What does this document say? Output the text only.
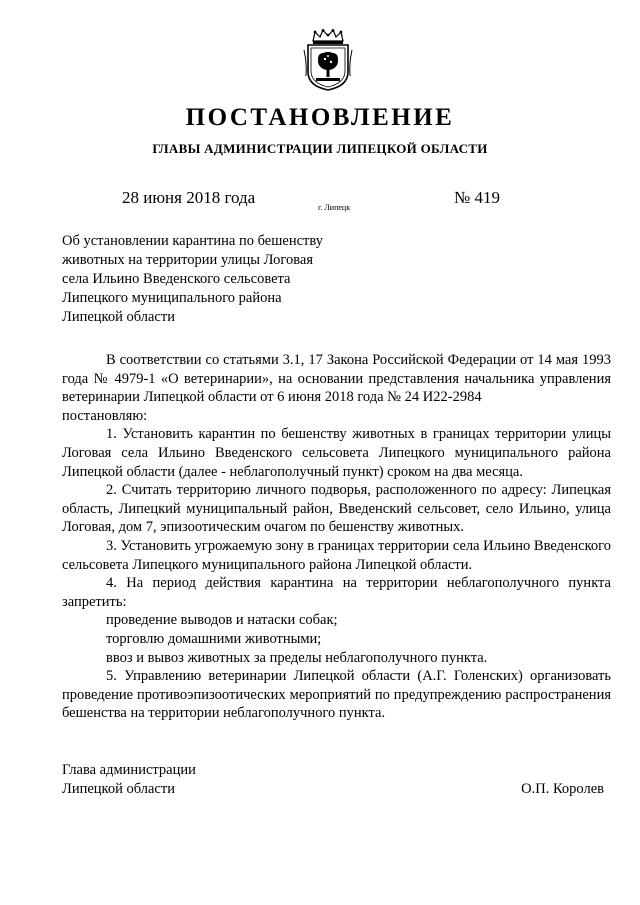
ПОСТАНОВЛЕНИЕ
ГЛАВЫ АДМИНИСТРАЦИИ ЛИПЕЦКОЙ ОБЛАСТИ
28 июня 2018 года
г. Липецк
№ 419
Об установлении карантина по бешенству
животных на территории улицы Логовая
села Ильино Введенского сельсовета
Липецкого муниципального района
Липецкой области

В соответствии со статьями 3.1, 17 Закона Российской Федерации от 14 мая 1993 года № 4979-1 «О ветеринарии», на основании представления начальника управления ветеринарии Липецкой области от 6 июня 2018 года № 24 И22-2984

постановляю:

1. Установить карантин по бешенству животных в границах территории улицы Логовая села Ильино Введенского сельсовета Липецкого муниципального района Липецкой области (далее - неблагополучный пункт) сроком на два месяца.

2. Считать территорию личного подворья, расположенного по адресу: Липецкая область, Липецкий муниципальный район, Введенский сельсовет, село Ильино, улица Логовая, дом 7, эпизоотическим очагом по бешенству животных.

3. Установить угрожаемую зону в границах территории села Ильино Введенского сельсовета Липецкого муниципального района Липецкой области.

4. На период действия карантина на территории неблагополучного пункта запретить:

проведение выводов и натаски собак;

торговлю домашними животными;

ввоз и вывоз животных за пределы неблагополучного пункта.

5. Управлению ветеринарии Липецкой области (А.Г. Голенских) организовать проведение противоэпизоотических мероприятий по предупреждению распространения бешенства на территории неблагополучного пункта.

Глава администрации
Липецкой области	О.П. Королев
